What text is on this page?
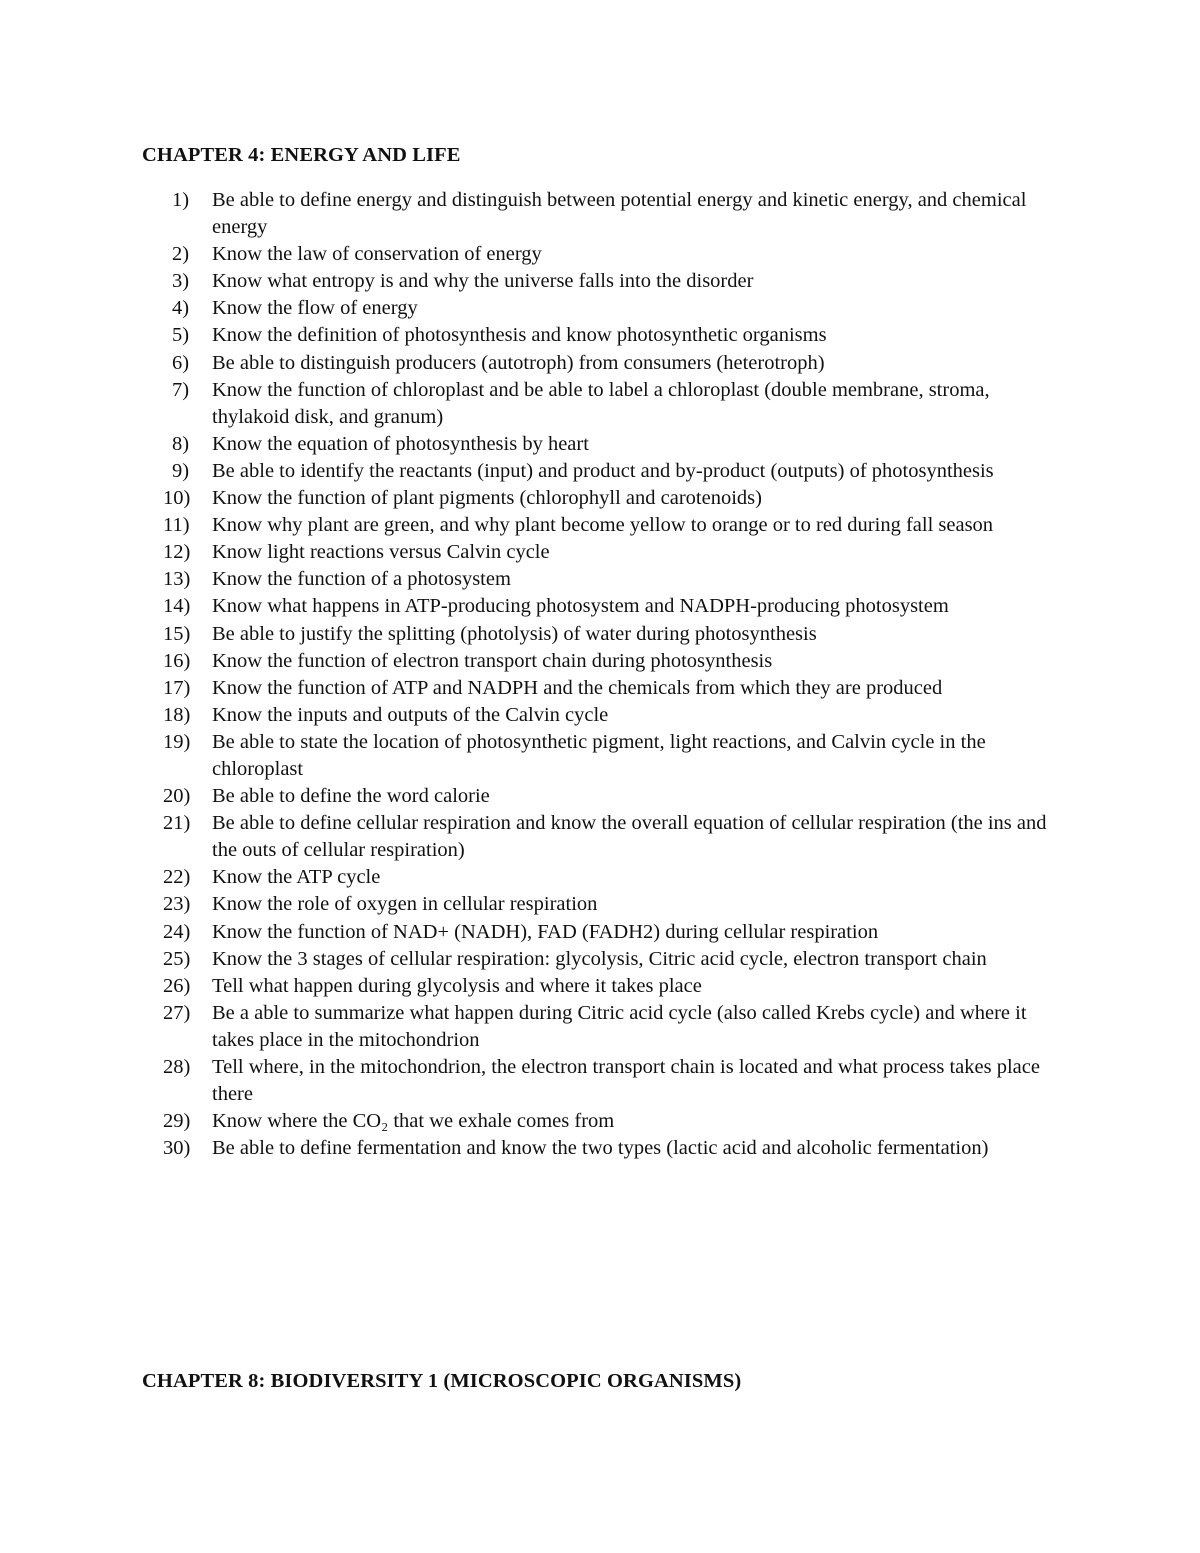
CHAPTER 4: ENERGY AND LIFE
1) Be able to define energy and distinguish between potential energy and kinetic energy, and chemical energy
2) Know the law of conservation of energy
3) Know what entropy is and why the universe falls into the disorder
4) Know the flow of energy
5) Know the definition of photosynthesis and know photosynthetic organisms
6) Be able to distinguish producers (autotroph) from consumers (heterotroph)
7) Know the function of chloroplast and be able to label a chloroplast (double membrane, stroma, thylakoid disk, and granum)
8) Know the equation of photosynthesis by heart
9) Be able to identify the reactants (input) and product and by-product (outputs) of photosynthesis
10) Know the function of plant pigments (chlorophyll and carotenoids)
11) Know why plant are green, and why plant become yellow to orange or to red during fall season
12) Know light reactions versus Calvin cycle
13) Know the function of a photosystem
14) Know what happens in ATP-producing photosystem and NADPH-producing photosystem
15) Be able to justify the splitting (photolysis) of water during photosynthesis
16) Know the function of electron transport chain during photosynthesis
17) Know the function of ATP and NADPH and the chemicals from which they are produced
18) Know the inputs and outputs of the Calvin cycle
19) Be able to state the location of photosynthetic pigment, light reactions, and Calvin cycle in the chloroplast
20) Be able to define the word calorie
21) Be able to define cellular respiration and know the overall equation of cellular respiration (the ins and the outs of cellular respiration)
22) Know the ATP cycle
23) Know the role of oxygen in cellular respiration
24) Know the function of NAD+ (NADH), FAD (FADH2) during cellular respiration
25) Know the 3 stages of cellular respiration: glycolysis, Citric acid cycle, electron transport chain
26) Tell what happen during glycolysis and where it takes place
27) Be a able to summarize what happen during Citric acid cycle (also called Krebs cycle) and where it takes place in the mitochondrion
28) Tell where, in the mitochondrion, the electron transport chain is located and what process takes place there
29) Know where the CO₂ that we exhale comes from
30) Be able to define fermentation and know the two types (lactic acid and alcoholic fermentation)
CHAPTER 8: BIODIVERSITY 1 (MICROSCOPIC ORGANISMS)
